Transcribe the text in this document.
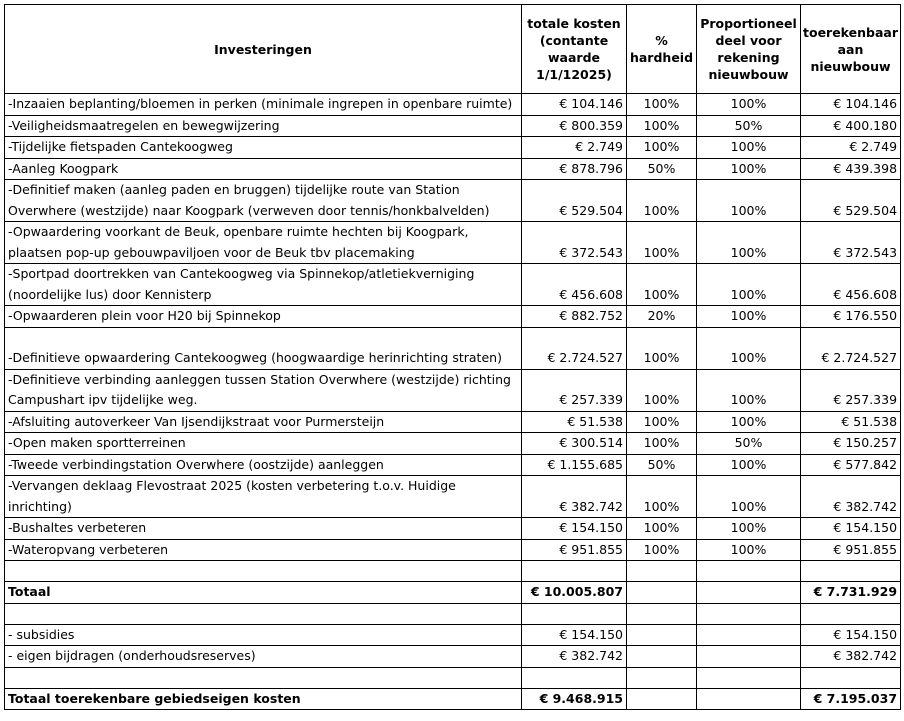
Investeringen	totale kosten (contante waarde 1/1/12025)	% hardheid	Proportioneel deel voor rekening nieuwbouw	toerekenbaar aan nieuwbouw
-Inzaaien beplanting/bloemen in perken (minimale ingrepen in openbare ruimte)	€ 104.146	100%	100%	€ 104.146
-Veiligheidsmaatregelen en bewegwijzering	€ 800.359	100%	50%	€ 400.180
-Tijdelijke fietspaden Cantekoogweg	€ 2.749	100%	100%	€ 2.749
-Aanleg Koogpark	€ 878.796	50%	100%	€ 439.398
-Definitief maken (aanleg paden en bruggen) tijdelijke route van Station Overwhere (westzijde) naar Koogpark (verweven door tennis/honkbalvelden)	€ 529.504	100%	100%	€ 529.504
-Opwaardering voorkant de Beuk, openbare ruimte hechten bij Koogpark, plaatsen pop-up gebouwpaviljoen voor de Beuk tbv placemaking	€ 372.543	100%	100%	€ 372.543
-Sportpad doortrekken van Cantekoogweg via Spinnekop/atletiekverniging (noordelijke lus) door Kennisterp	€ 456.608	100%	100%	€ 456.608
-Opwaarderen plein voor H20 bij Spinnekop	€ 882.752	20%	100%	€ 176.550
-Definitieve opwaardering Cantekoogweg (hoogwaardige herinrichting straten)	€ 2.724.527	100%	100%	€ 2.724.527
-Definitieve verbinding aanleggen tussen Station Overwhere (westzijde) richting Campushart ipv tijdelijke weg.	€ 257.339	100%	100%	€ 257.339
-Afsluiting autoverkeer Van Ijsendijkstraat voor Purmersteijn	€ 51.538	100%	100%	€ 51.538
-Open maken sportterreinen	€ 300.514	100%	50%	€ 150.257
-Tweede verbindingstation Overwhere (oostzijde) aanleggen	€ 1.155.685	50%	100%	€ 577.842
-Vervangen deklaag Flevostraat 2025 (kosten verbetering t.o.v. Huidige inrichting)	€ 382.742	100%	100%	€ 382.742
-Bushaltes verbeteren	€ 154.150	100%	100%	€ 154.150
-Wateropvang verbeteren	€ 951.855	100%	100%	€ 951.855

Totaal	€ 10.005.807			€ 7.731.929

- subsidies	€ 154.150			€ 154.150
- eigen bijdragen (onderhoudsreserves)	€ 382.742			€ 382.742

Totaal toerekenbare gebiedseigen kosten	€ 9.468.915			€ 7.195.037
